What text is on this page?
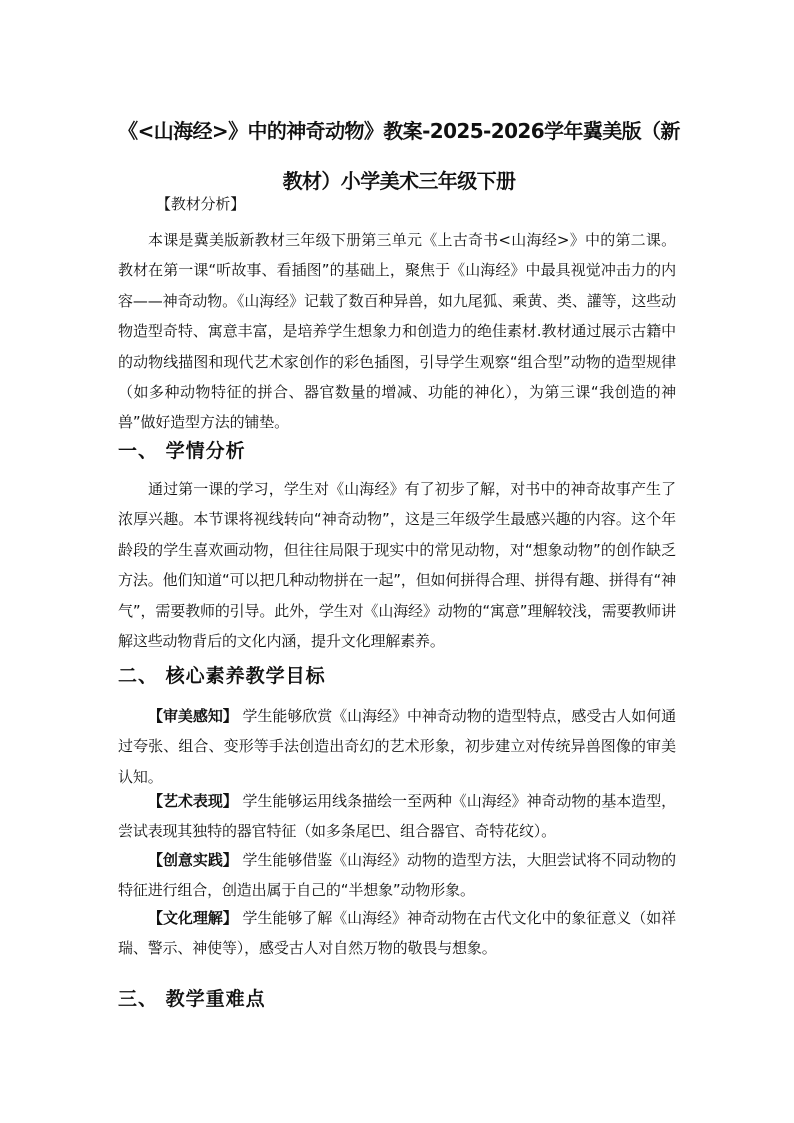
《<山海经>》中的神奇动物》教案-2025-2026学年冀美版（新教材）小学美术三年级下册

【教材分析】

本课是冀美版新教材三年级下册第三单元《上古奇书<山海经>》中的第二课。教材在第一课“听故事、看插图”的基础上，聚焦于《山海经》中最具视觉冲击力的内容——神奇动物。《山海经》记载了数百种异兽，如九尾狐、乘黄、类、讙等，这些动物造型奇特、寓意丰富，是培养学生想象力和创造力的绝佳素材.教材通过展示古籍中的动物线描图和现代艺术家创作的彩色插图，引导学生观察“组合型”动物的造型规律（如多种动物特征的拼合、器官数量的增减、功能的神化），为第三课“我创造的神兽”做好造型方法的铺垫。

一、 学情分析

通过第一课的学习，学生对《山海经》有了初步了解，对书中的神奇故事产生了浓厚兴趣。本节课将视线转向“神奇动物”，这是三年级学生最感兴趣的内容。这个年龄段的学生喜欢画动物，但往往局限于现实中的常见动物，对“想象动物”的创作缺乏方法。他们知道“可以把几种动物拼在一起”，但如何拼得合理、拼得有趣、拼得有“神气”，需要教师的引导。此外，学生对《山海经》动物的“寓意”理解较浅，需要教师讲解这些动物背后的文化内涵，提升文化理解素养。

二、 核心素养教学目标

【审美感知】 学生能够欣赏《山海经》中神奇动物的造型特点，感受古人如何通过夸张、组合、变形等手法创造出奇幻的艺术形象，初步建立对传统异兽图像的审美认知。

【艺术表现】 学生能够运用线条描绘一至两种《山海经》神奇动物的基本造型，尝试表现其独特的器官特征（如多条尾巴、组合器官、奇特花纹）。

【创意实践】 学生能够借鉴《山海经》动物的造型方法，大胆尝试将不同动物的特征进行组合，创造出属于自己的“半想象”动物形象。

【文化理解】 学生能够了解《山海经》神奇动物在古代文化中的象征意义（如祥瑞、警示、神使等），感受古人对自然万物的敬畏与想象。

三、 教学重难点
